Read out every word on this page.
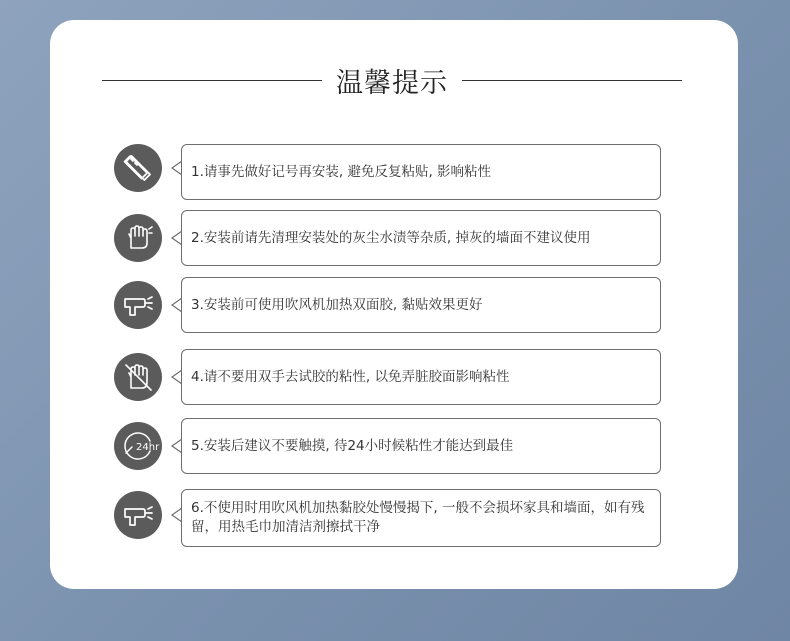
温馨提示
1.请事先做好记号再安装, 避免反复粘贴, 影响粘性
2.安装前请先清理安装处的灰尘水渍等杂质, 掉灰的墙面不建议使用
3.安装前可使用吹风机加热双面胶, 黏贴效果更好
4.请不要用双手去试胶的粘性, 以免弄脏胶面影响粘性
24hr 5.安装后建议不要触摸, 待24小时候粘性才能达到最佳
6.不使用时用吹风机加热黏胶处慢慢揭下, 一般不会损坏家具和墙面，如有残留，用热毛巾加清洁剂擦拭干净
